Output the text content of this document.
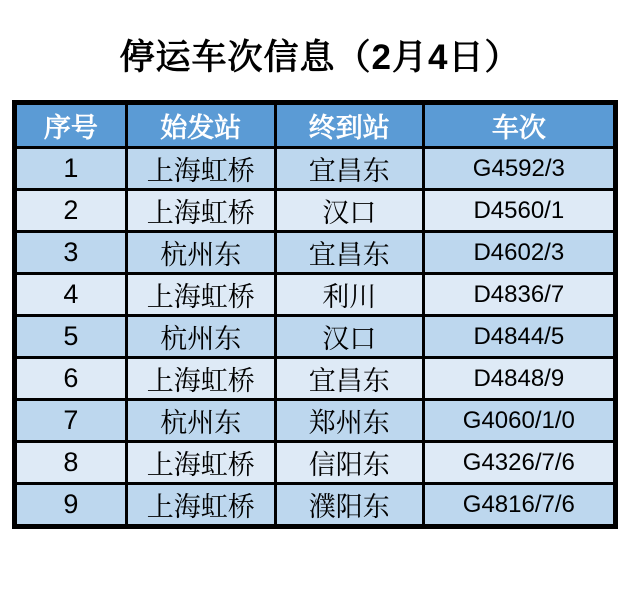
停运车次信息（2月4日）
序号	始发站	终到站	车次
1	上海虹桥	宜昌东	G4592/3
2	上海虹桥	汉口	D4560/1
3	杭州东	宜昌东	D4602/3
4	上海虹桥	利川	D4836/7
5	杭州东	汉口	D4844/5
6	上海虹桥	宜昌东	D4848/9
7	杭州东	郑州东	G4060/1/0
8	上海虹桥	信阳东	G4326/7/6
9	上海虹桥	濮阳东	G4816/7/6
